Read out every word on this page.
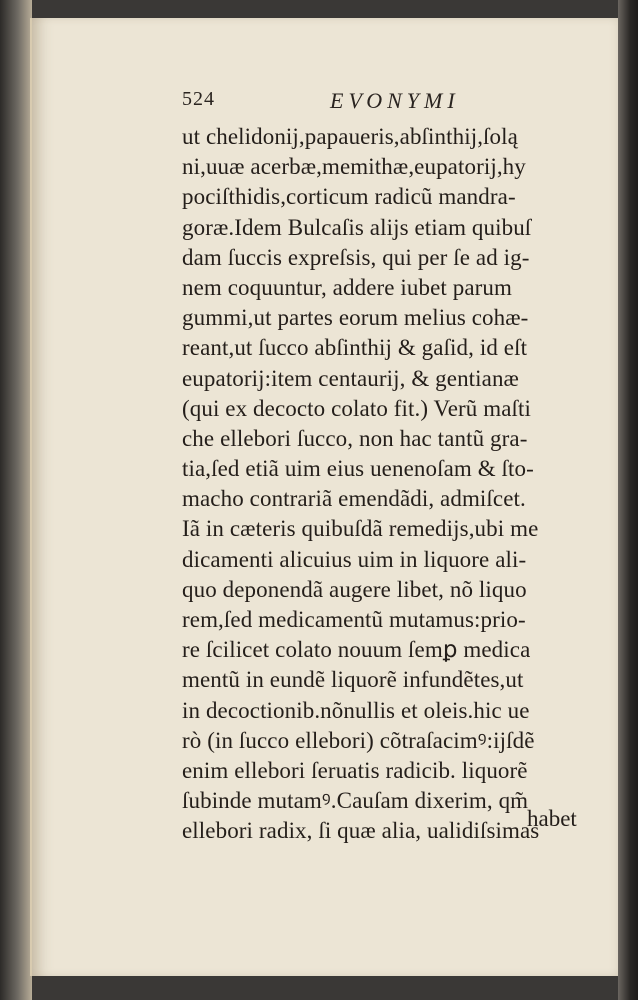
524	EVONYMI
ut chelidonij,papaueris,abſinthij,ſolą
ni,uuæ acerbæ,memithæ,eupatorij,hy
pociſthidis,corticum radicũ mandra-
goræ.Idem Bulcaſis alijs etiam quibuſ
dam ſuccis expreſsis, qui per ſe ad ig-
nem coquuntur, addere iubet parum
gummi,ut partes eorum melius cohæ-
reant,ut ſucco abſinthij & gaſid, id eſt
eupatorij:item centaurij, & gentianæ
(qui ex decocto colato fit.) Verũ maſti
che ellebori ſucco, non hac tantũ gra-
tia,ſed etiã uim eius uenenoſam & ſto-
macho contrariã emendãdi, admiſcet.
Iã in cæteris quibuſdã remedijs,ubi me
dicamenti alicuius uim in liquore ali-
quo deponendã augere libet, nõ liquo
rem,ſed medicamentũ mutamus:prio-
re ſcilicet colato nouum ſemꝑ medica
mentũ in eundẽ liquorẽ infundẽtes,ut
in decoctionib.nõnullis et oleis.hic ue
rò (in ſucco ellebori) cõtraſacimꝰ:ijſdẽ
enim ellebori ſeruatis radicib. liquorẽ
ſubinde mutamꝰ.Cauſam dixerim, qm̃
ellebori radix, ſi quæ alia, ualidiſsimas
habet
